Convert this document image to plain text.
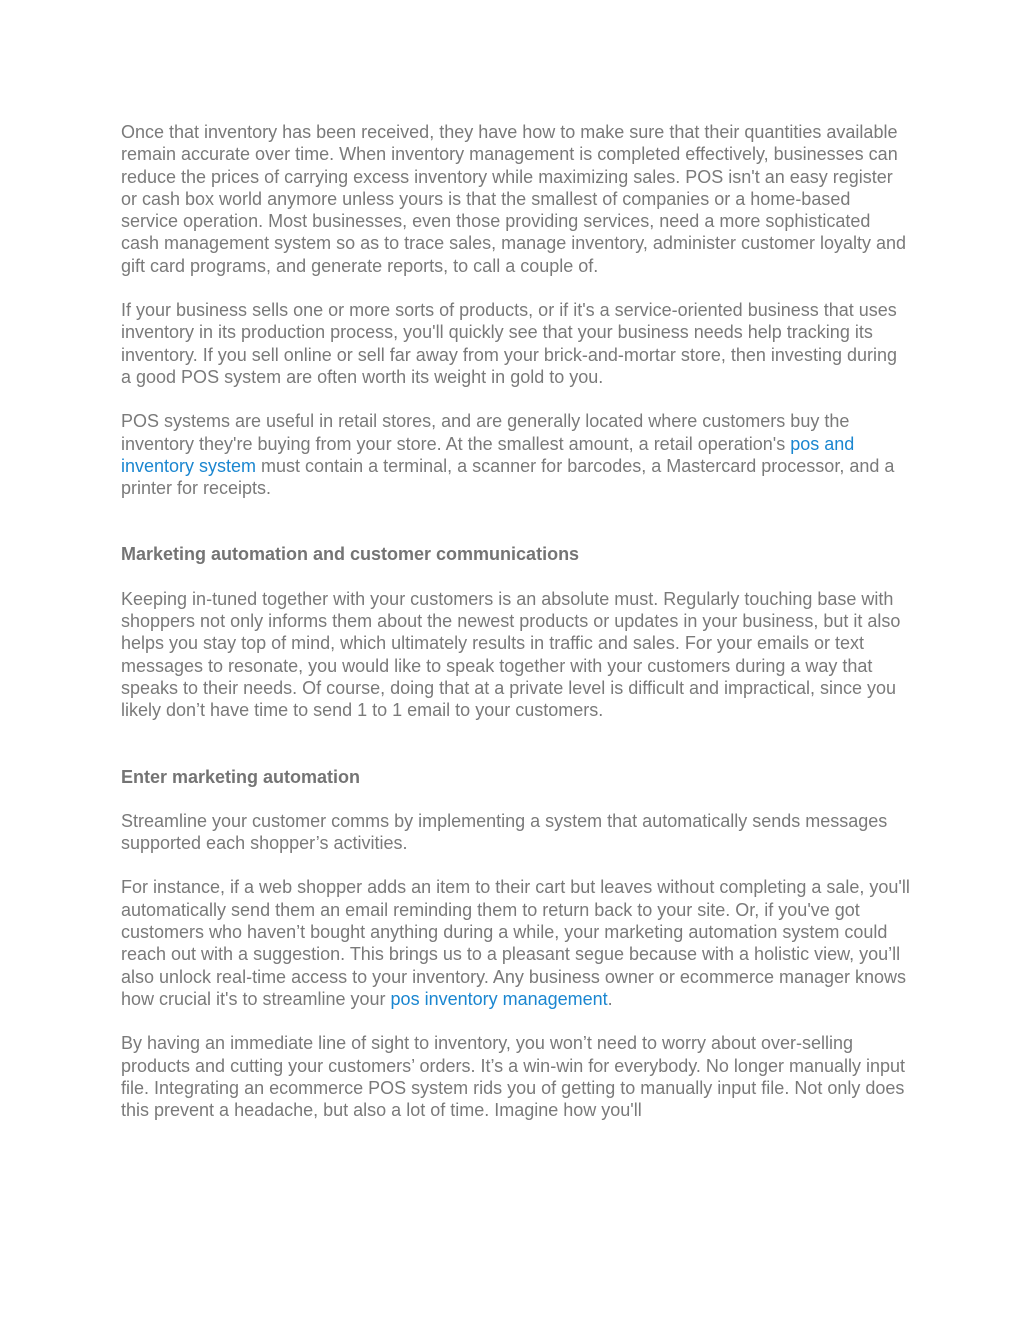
Once that inventory has been received, they have how to make sure that their quantities available remain accurate over time. When inventory management is completed effectively, businesses can reduce the prices of carrying excess inventory while maximizing sales. POS isn't an easy register or cash box world anymore unless yours is that the smallest of companies or a home-based service operation. Most businesses, even those providing services, need a more sophisticated cash management system so as to trace sales, manage inventory, administer customer loyalty and gift card programs, and generate reports, to call a couple of.

If your business sells one or more sorts of products, or if it's a service-oriented business that uses inventory in its production process, you'll quickly see that your business needs help tracking its inventory. If you sell online or sell far away from your brick-and-mortar store, then investing during a good POS system are often worth its weight in gold to you.

POS systems are useful in retail stores, and are generally located where customers buy the inventory they're buying from your store. At the smallest amount, a retail operation's pos and inventory system must contain a terminal, a scanner for barcodes, a Mastercard processor, and a printer for receipts.

Marketing automation and customer communications

Keeping in-tuned together with your customers is an absolute must. Regularly touching base with shoppers not only informs them about the newest products or updates in your business, but it also helps you stay top of mind, which ultimately results in traffic and sales. For your emails or text messages to resonate, you would like to speak together with your customers during a way that speaks to their needs. Of course, doing that at a private level is difficult and impractical, since you likely don’t have time to send 1 to 1 email to your customers.

Enter marketing automation

Streamline your customer comms by implementing a system that automatically sends messages supported each shopper’s activities.

For instance, if a web shopper adds an item to their cart but leaves without completing a sale, you'll automatically send them an email reminding them to return back to your site. Or, if you've got customers who haven’t bought anything during a while, your marketing automation system could reach out with a suggestion. This brings us to a pleasant segue because with a holistic view, you’ll also unlock real-time access to your inventory. Any business owner or ecommerce manager knows how crucial it's to streamline your pos inventory management.

By having an immediate line of sight to inventory, you won’t need to worry about over-selling products and cutting your customers’ orders. It’s a win-win for everybody. No longer manually input file. Integrating an ecommerce POS system rids you of getting to manually input file. Not only does this prevent a headache, but also a lot of time. Imagine how you'll
